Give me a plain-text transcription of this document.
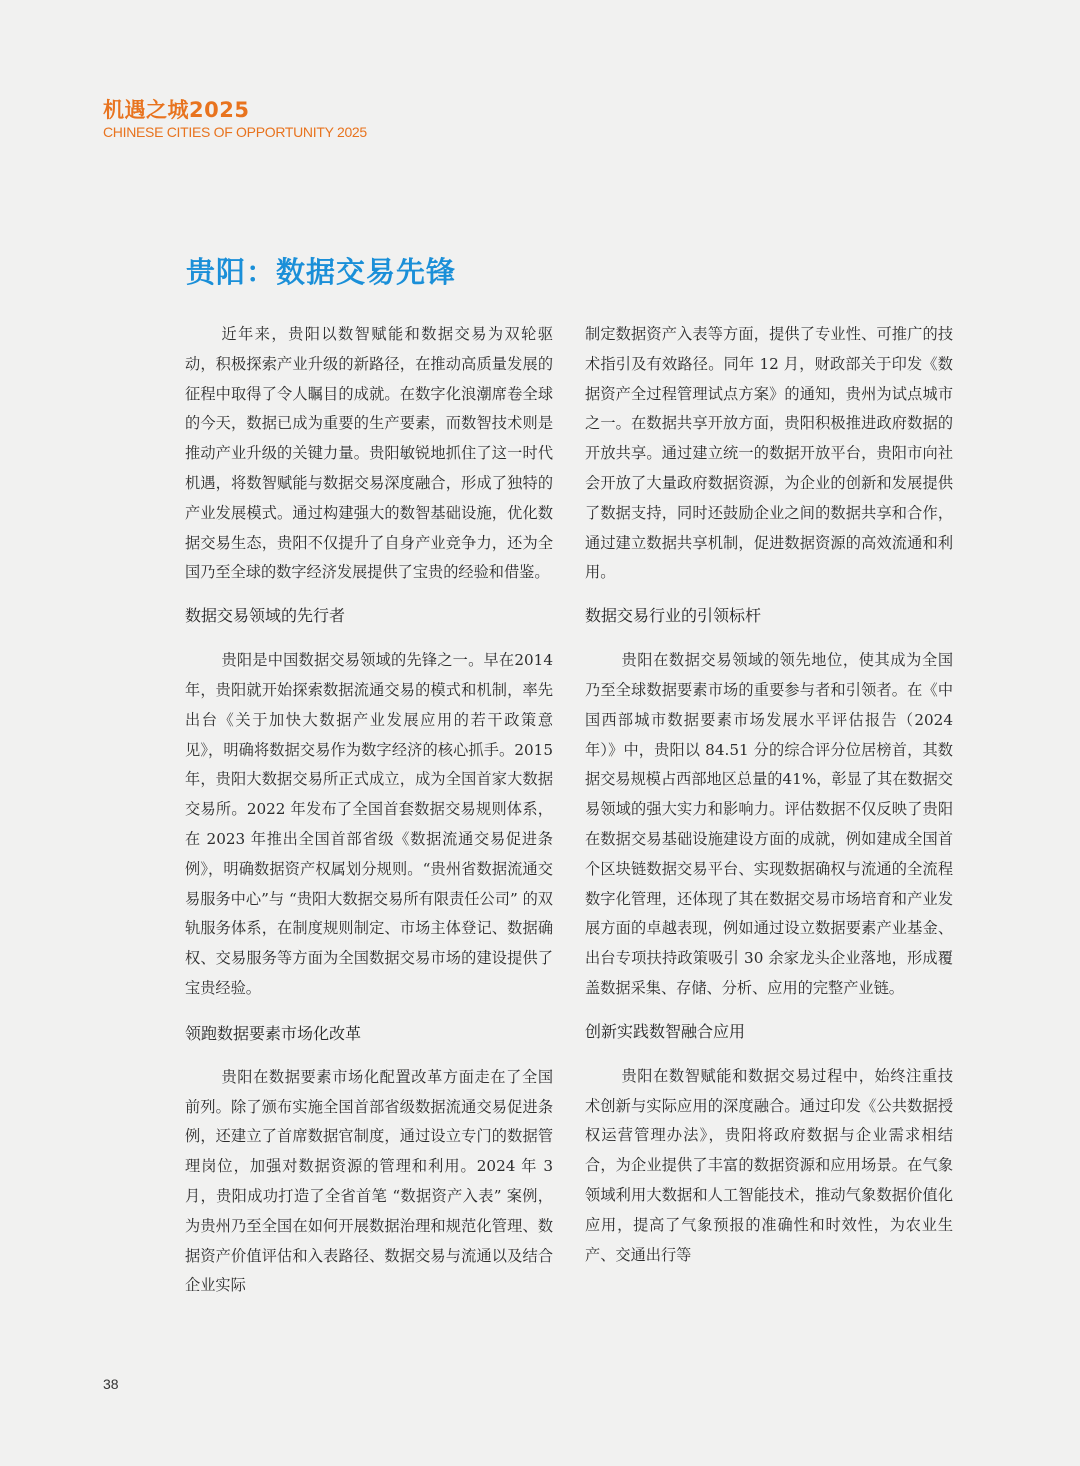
机遇之城2025
CHINESE CITIES OF OPPORTUNITY 2025
贵阳：数据交易先锋

近年来，贵阳以数智赋能和数据交易为双轮驱动，积极探索产业升级的新路径，在推动高质量发展的征程中取得了令人瞩目的成就。在数字化浪潮席卷全球的今天，数据已成为重要的生产要素，而数智技术则是推动产业升级的关键力量。贵阳敏锐地抓住了这一时代机遇，将数智赋能与数据交易深度融合，形成了独特的产业发展模式。通过构建强大的数智基础设施，优化数据交易生态，贵阳不仅提升了自身产业竞争力，还为全国乃至全球的数字经济发展提供了宝贵的经验和借鉴。

数据交易领域的先行者

贵阳是中国数据交易领域的先锋之一。早在2014 年，贵阳就开始探索数据流通交易的模式和机制，率先出台《关于加快大数据产业发展应用的若干政策意见》，明确将数据交易作为数字经济的核心抓手。2015 年，贵阳大数据交易所正式成立，成为全国首家大数据交易所。2022 年发布了全国首套数据交易规则体系，在 2023 年推出全国首部省级《数据流通交易促进条例》，明确数据资产权属划分规则。“贵州省数据流通交易服务中心”与 “贵阳大数据交易所有限责任公司” 的双轨服务体系，在制度规则制定、市场主体登记、数据确权、交易服务等方面为全国数据交易市场的建设提供了宝贵经验。

领跑数据要素市场化改革

贵阳在数据要素市场化配置改革方面走在了全国前列。除了颁布实施全国首部省级数据流通交易促进条例，还建立了首席数据官制度，通过设立专门的数据管理岗位，加强对数据资源的管理和利用。2024 年 3 月，贵阳成功打造了全省首笔 “数据资产入表” 案例，为贵州乃至全国在如何开展数据治理和规范化管理、数据资产价值评估和入表路径、数据交易与流通以及结合企业实际

制定数据资产入表等方面，提供了专业性、可推广的技术指引及有效路径。同年 12 月，财政部关于印发《数据资产全过程管理试点方案》的通知，贵州为试点城市之一。在数据共享开放方面，贵阳积极推进政府数据的开放共享。通过建立统一的数据开放平台，贵阳市向社会开放了大量政府数据资源，为企业的创新和发展提供了数据支持，同时还鼓励企业之间的数据共享和合作，通过建立数据共享机制，促进数据资源的高效流通和利用。

数据交易行业的引领标杆

贵阳在数据交易领域的领先地位，使其成为全国乃至全球数据要素市场的重要参与者和引领者。在《中国西部城市数据要素市场发展水平评估报告（2024 年）》中，贵阳以 84.51 分的综合评分位居榜首，其数据交易规模占西部地区总量的41%，彰显了其在数据交易领域的强大实力和影响力。评估数据不仅反映了贵阳在数据交易基础设施建设方面的成就，例如建成全国首个区块链数据交易平台、实现数据确权与流通的全流程数字化管理，还体现了其在数据交易市场培育和产业发展方面的卓越表现，例如通过设立数据要素产业基金、出台专项扶持政策吸引 30 余家龙头企业落地，形成覆盖数据采集、存储、分析、应用的完整产业链。

创新实践数智融合应用

贵阳在数智赋能和数据交易过程中，始终注重技术创新与实际应用的深度融合。通过印发《公共数据授权运营管理办法》，贵阳将政府数据与企业需求相结合，为企业提供了丰富的数据资源和应用场景。在气象领域利用大数据和人工智能技术，推动气象数据价值化应用，提高了气象预报的准确性和时效性，为农业生产、交通出行等

38
